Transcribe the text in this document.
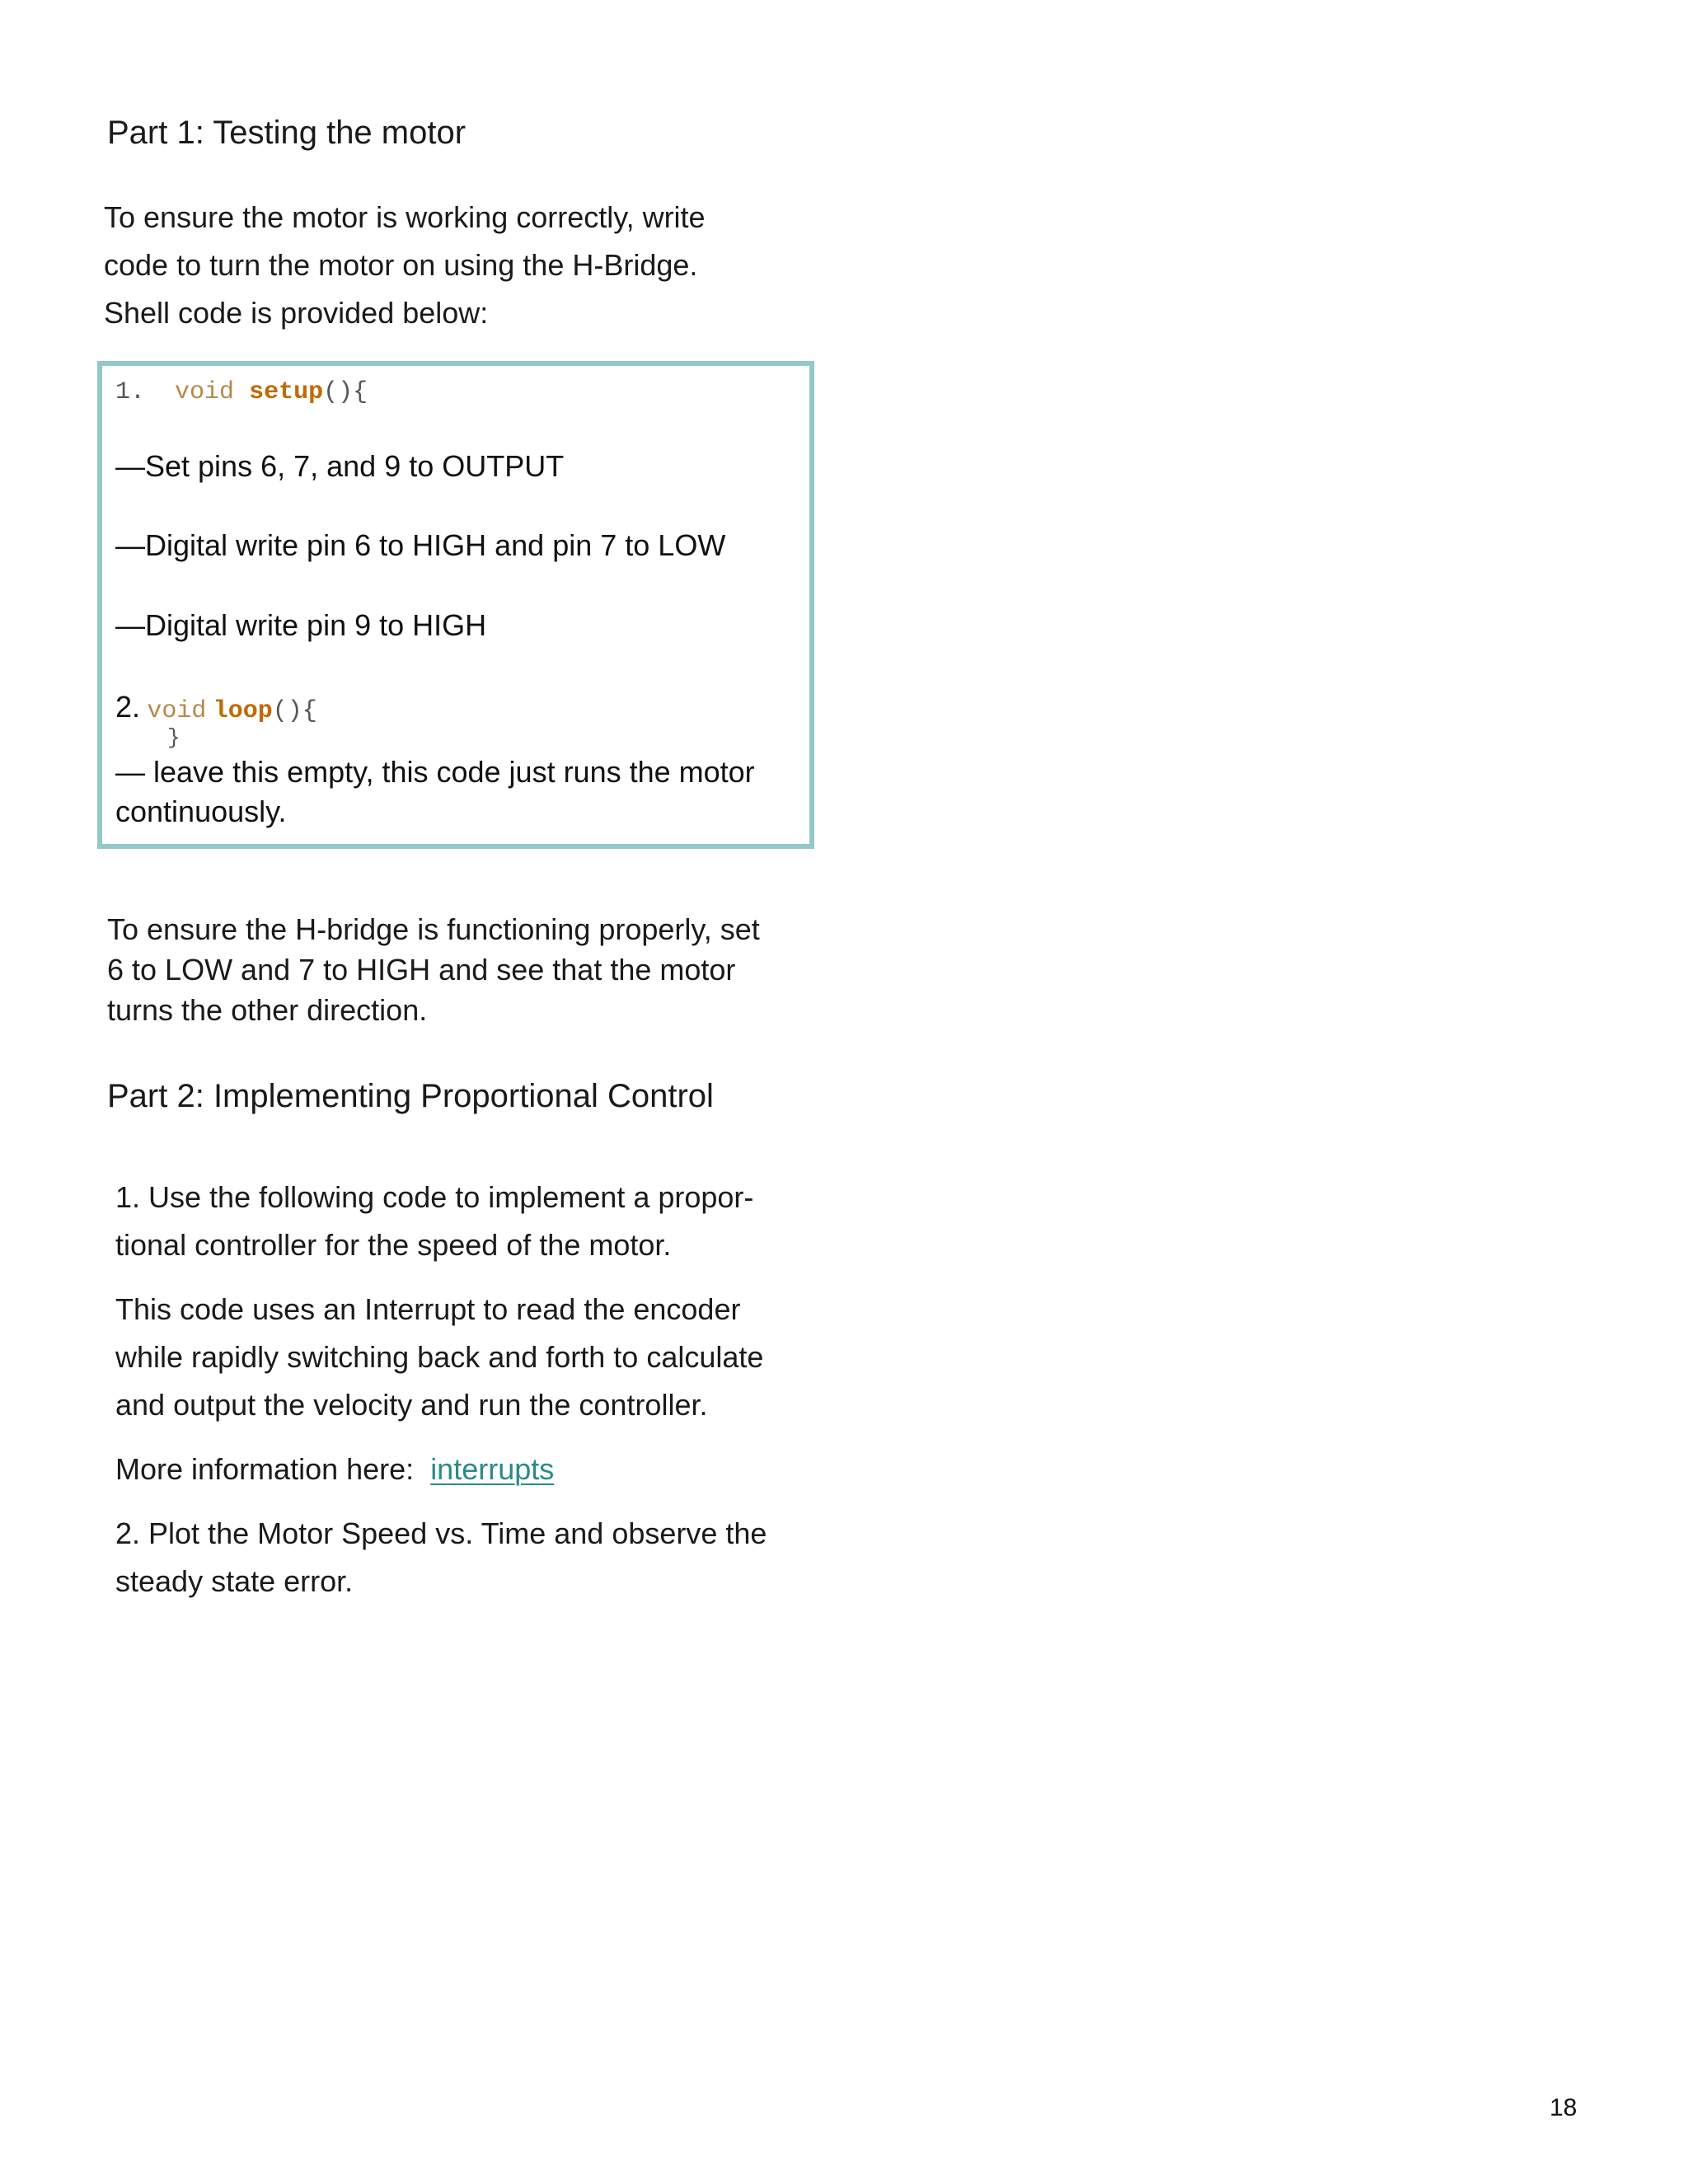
Part 1: Testing the motor
To ensure the motor is working correctly, write
code to turn the motor on using the H-Bridge.
Shell code is provided below:
1. void setup(){
—Set pins 6, 7, and 9 to OUTPUT
—Digital write pin 6 to HIGH and pin 7 to LOW
—Digital write pin 9 to HIGH
2. void loop(){
}
— leave this empty, this code just runs the motor
continuously.
To ensure the H-bridge is functioning properly, set
6 to LOW and 7 to HIGH and see that the motor
turns the other direction.
Part 2: Implementing Proportional Control
1. Use the following code to implement a propor-
tional controller for the speed of the motor.
This code uses an Interrupt to read the encoder
while rapidly switching back and forth to calculate
and output the velocity and run the controller.
More information here: interrupts
2. Plot the Motor Speed vs. Time and observe the
steady state error.
18
